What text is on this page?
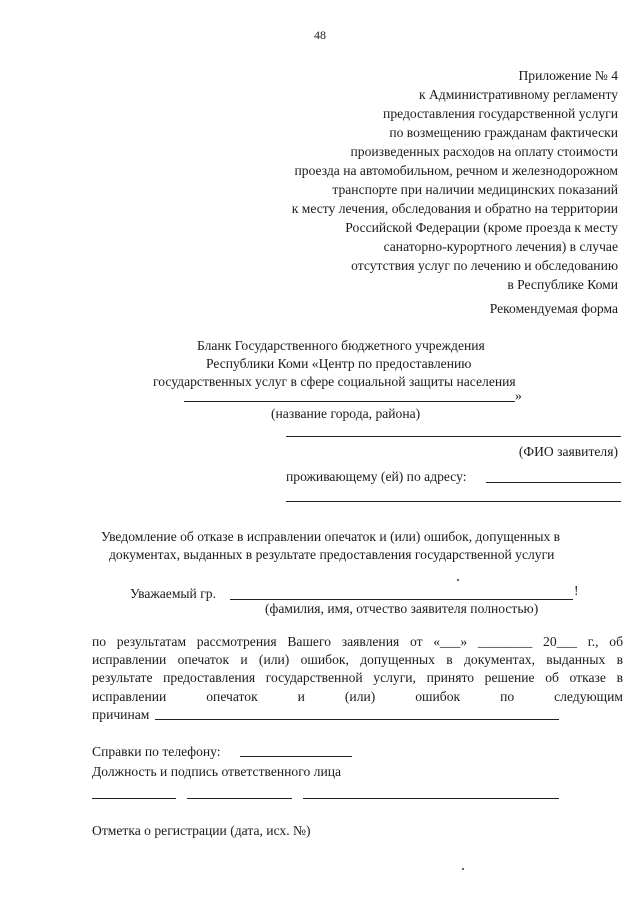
48
Приложение № 4
к Административному регламенту
предоставления государственной услуги
по возмещению гражданам фактически
произведенных расходов на оплату стоимости
проезда на автомобильном, речном и железнодорожном
транспорте при наличии медицинских показаний
к месту лечения, обследования и обратно на территории
Российской Федерации (кроме проезда к месту
санаторно-курортного лечения) в случае
отсутствия услуг по лечению и обследованию
в Республике Коми
Рекомендуемая форма
Бланк Государственного бюджетного учреждения
Республики Коми «Центр по предоставлению
государственных услуг в сфере социальной защиты населения
»
(название города, района)
(ФИО заявителя)
проживающему (ей) по адресу:
Уведомление об отказе в исправлении опечаток и (или) ошибок, допущенных в
документах, выданных в результате предоставления государственной услуги
Уважаемый гр.	!
(фамилия, имя, отчество заявителя полностью)
по результатам рассмотрения Вашего заявления от «___» ________ 20___ г., об
исправлении опечаток и (или) ошибок, допущенных в документах, выданных в
результате предоставления государственной услуги, принято решение об отказе в
исправлении опечаток и (или) ошибок по следующим
причинам
Справки по телефону:
Должность и подпись ответственного лица
Отметка о регистрации (дата, исх. №)
